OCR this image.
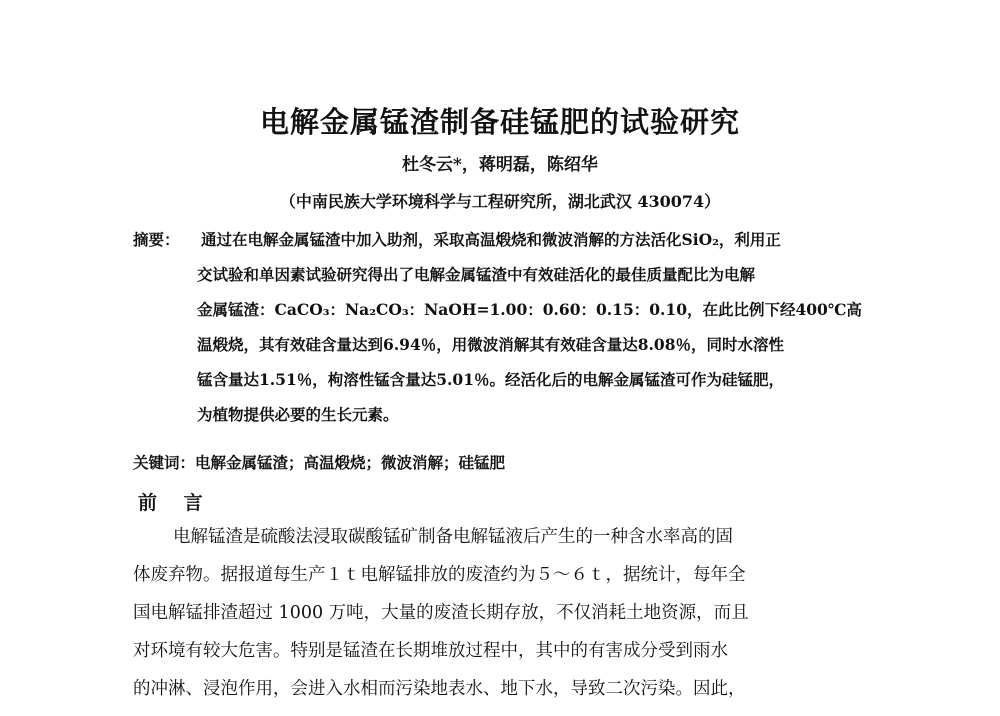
电解金属锰渣制备硅锰肥的试验研究
杜冬云*，蒋明磊，陈绍华
（中南民族大学环境科学与工程研究所，湖北武汉 430074）
摘要： 通过在电解金属锰渣中加入助剂，采取高温煅烧和微波消解的方法活化SiO₂，利用正
交试验和单因素试验研究得出了电解金属锰渣中有效硅活化的最佳质量配比为电解
金属锰渣：CaCO₃：Na₂CO₃：NaOH=1.00：0.60：0.15：0.10，在此比例下经400℃高
温煅烧，其有效硅含量达到6.94％，用微波消解其有效硅含量达8.08％，同时水溶性
锰含量达1.51％，枸溶性锰含量达5.01％。经活化后的电解金属锰渣可作为硅锰肥，
为植物提供必要的生长元素。
关键词：电解金属锰渣；高温煅烧；微波消解；硅锰肥
前 言
电解锰渣是硫酸法浸取碳酸锰矿制备电解锰液后产生的一种含水率高的固
体废弃物。据报道每生产１ｔ电解锰排放的废渣约为５～６ｔ，据统计，每年全
国电解锰排渣超过 1000 万吨，大量的废渣长期存放，不仅消耗土地资源，而且
对环境有较大危害。特别是锰渣在长期堆放过程中，其中的有害成分受到雨水
的冲淋、浸泡作用，会进入水相而污染地表水、地下水，导致二次污染。因此，
